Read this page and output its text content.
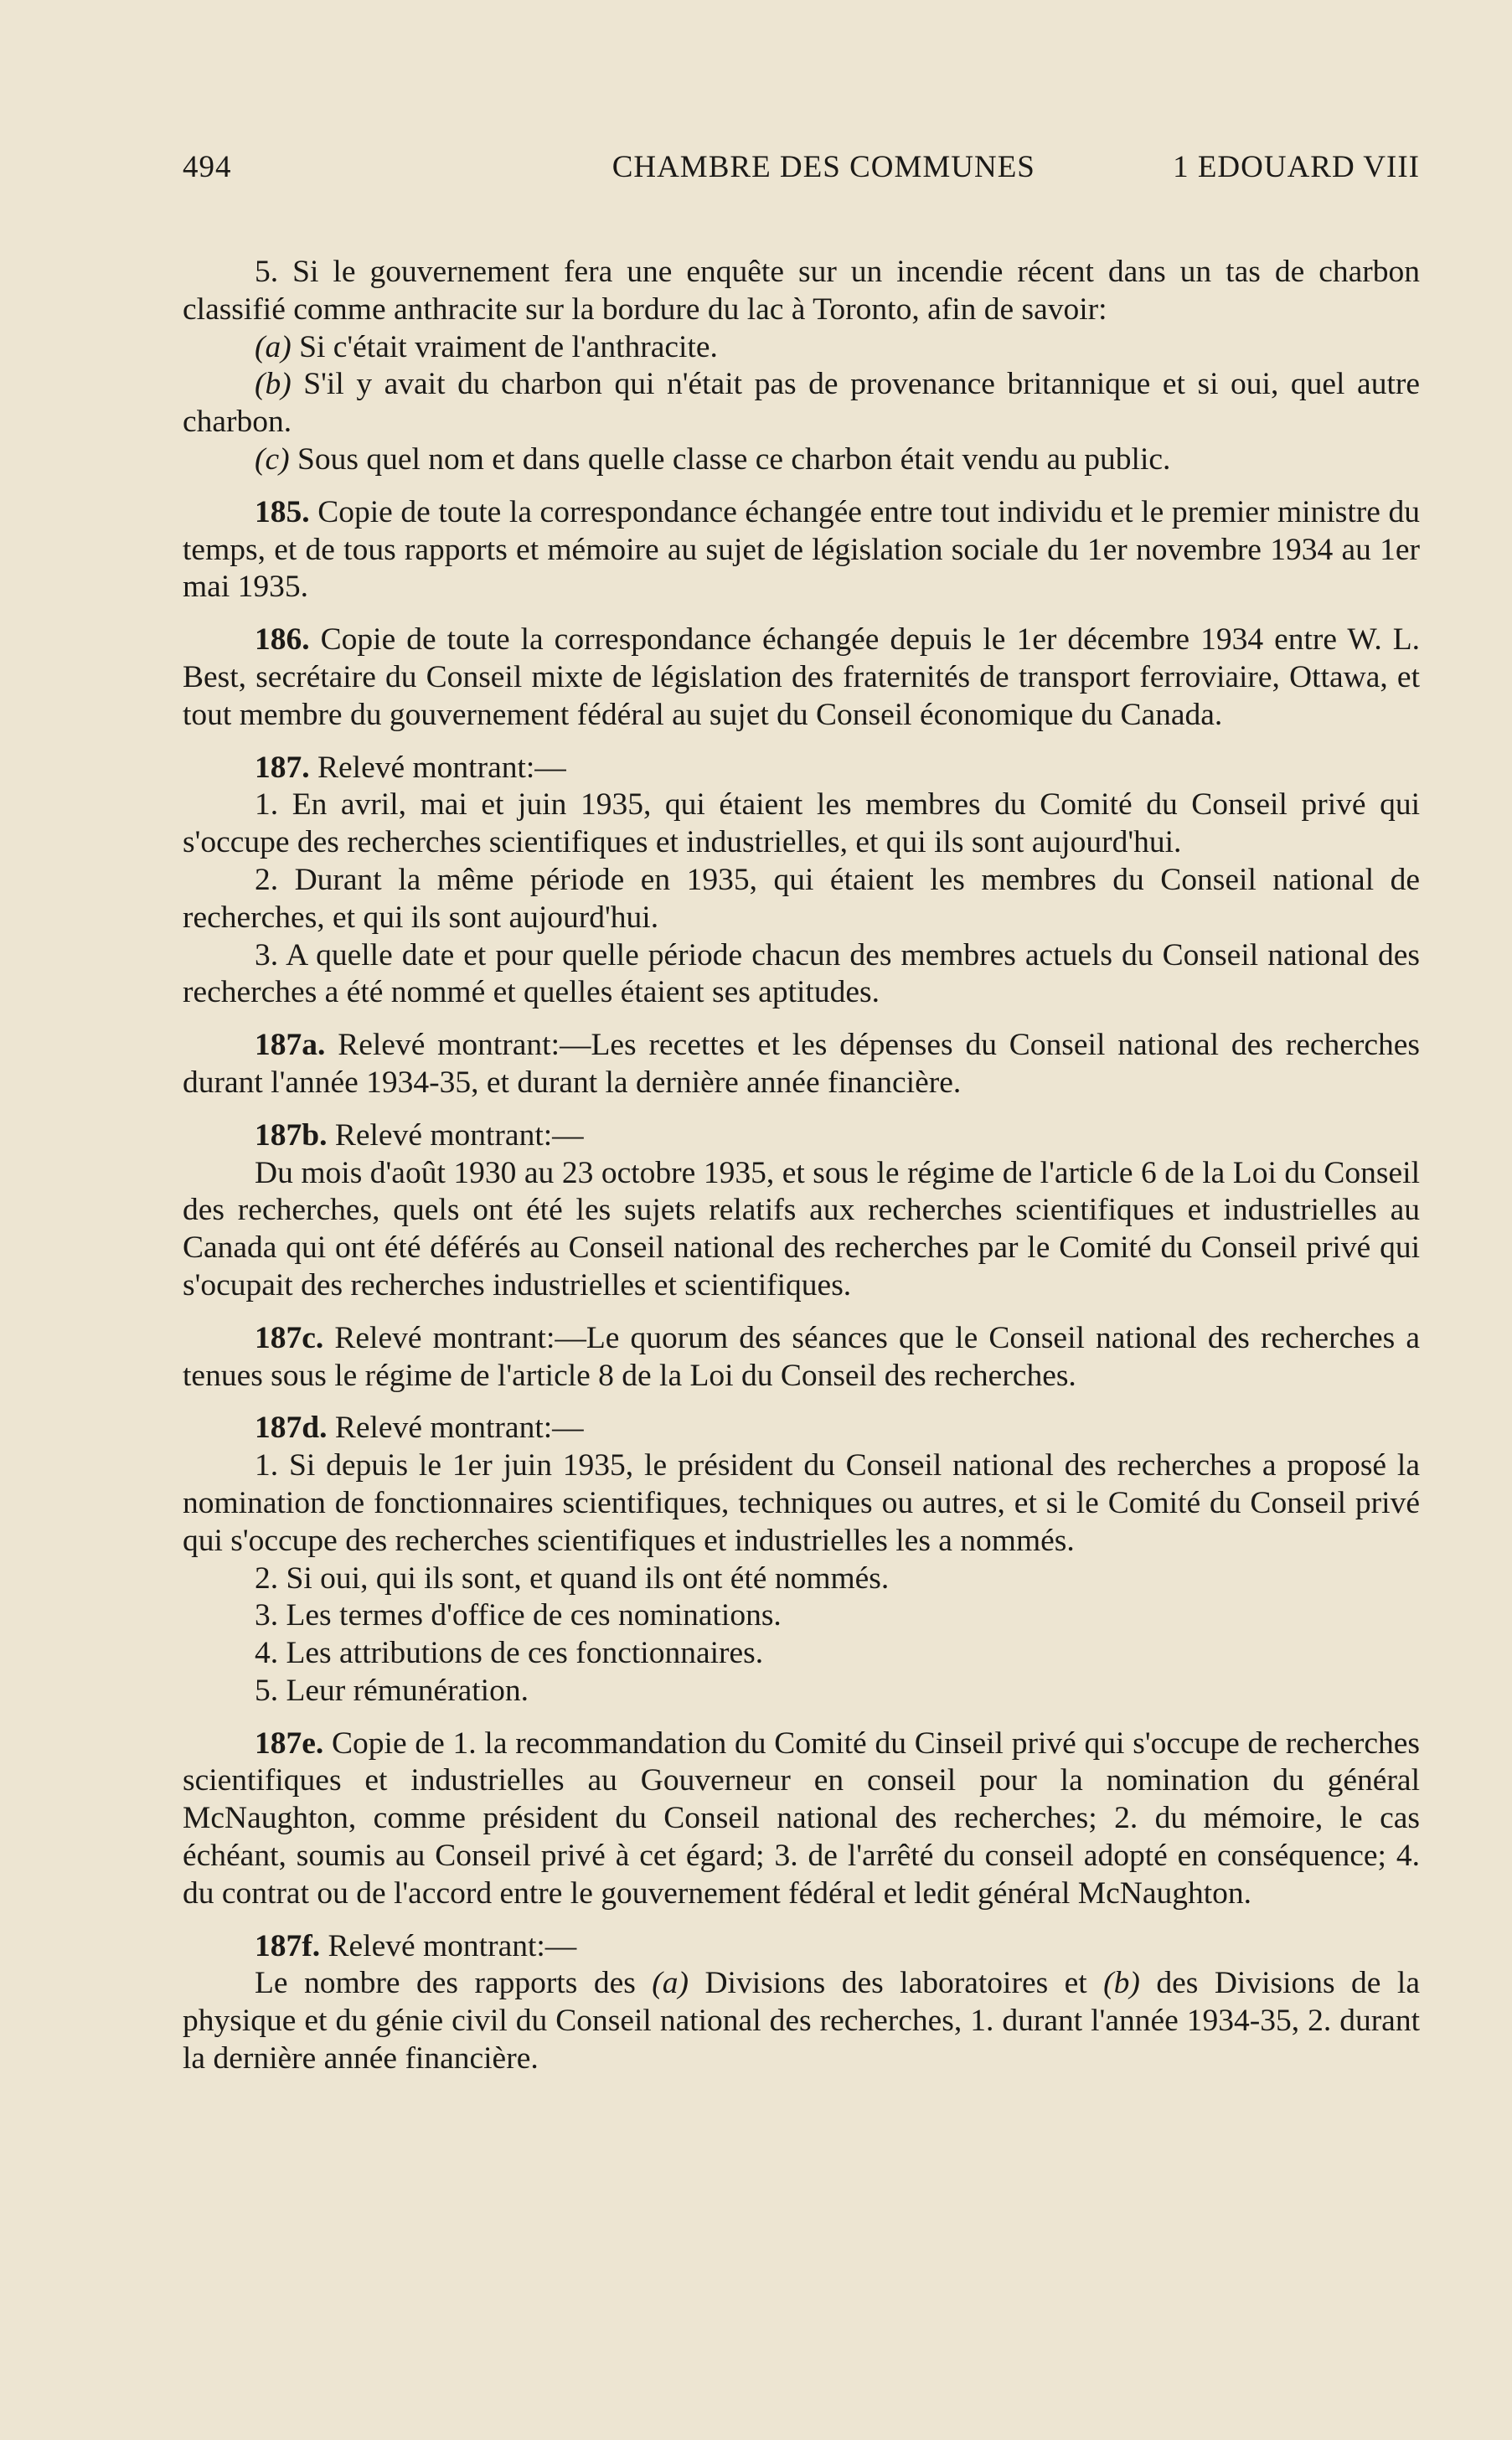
494	CHAMBRE DES COMMUNES	1 EDOUARD VIII

5. Si le gouvernement fera une enquête sur un incendie récent dans un tas de charbon classifié comme anthracite sur la bordure du lac à Toronto, afin de savoir:

(a) Si c'était vraiment de l'anthracite.

(b) S'il y avait du charbon qui n'était pas de provenance britannique et si oui, quel autre charbon.

(c) Sous quel nom et dans quelle classe ce charbon était vendu au public.

185. Copie de toute la correspondance échangée entre tout individu et le premier ministre du temps, et de tous rapports et mémoire au sujet de législation sociale du 1er novembre 1934 au 1er mai 1935.

186. Copie de toute la correspondance échangée depuis le 1er décembre 1934 entre W. L. Best, secrétaire du Conseil mixte de législation des fraternités de transport ferroviaire, Ottawa, et tout membre du gouvernement fédéral au sujet du Conseil économique du Canada.

187. Relevé montrant:—

1. En avril, mai et juin 1935, qui étaient les membres du Comité du Conseil privé qui s'occupe des recherches scientifiques et industrielles, et qui ils sont aujourd'hui.

2. Durant la même période en 1935, qui étaient les membres du Conseil national de recherches, et qui ils sont aujourd'hui.

3. A quelle date et pour quelle période chacun des membres actuels du Conseil national des recherches a été nommé et quelles étaient ses aptitudes.

187a. Relevé montrant:—Les recettes et les dépenses du Conseil national des recherches durant l'année 1934-35, et durant la dernière année financière.

187b. Relevé montrant:—

Du mois d'août 1930 au 23 octobre 1935, et sous le régime de l'article 6 de la Loi du Conseil des recherches, quels ont été les sujets relatifs aux recherches scientifiques et industrielles au Canada qui ont été déférés au Conseil national des recherches par le Comité du Conseil privé qui s'ocupait des recherches industrielles et scientifiques.

187c. Relevé montrant:—Le quorum des séances que le Conseil national des recherches a tenues sous le régime de l'article 8 de la Loi du Conseil des recherches.

187d. Relevé montrant:—

1. Si depuis le 1er juin 1935, le président du Conseil national des recherches a proposé la nomination de fonctionnaires scientifiques, techniques ou autres, et si le Comité du Conseil privé qui s'occupe des recherches scientifiques et industrielles les a nommés.

2. Si oui, qui ils sont, et quand ils ont été nommés.

3. Les termes d'office de ces nominations.

4. Les attributions de ces fonctionnaires.

5. Leur rémunération.

187e. Copie de 1. la recommandation du Comité du Cinseil privé qui s'occupe de recherches scientifiques et industrielles au Gouverneur en conseil pour la nomination du général McNaughton, comme président du Conseil national des recherches; 2. du mémoire, le cas échéant, soumis au Conseil privé à cet égard; 3. de l'arrêté du conseil adopté en conséquence; 4. du contrat ou de l'accord entre le gouvernement fédéral et ledit général McNaughton.

187f. Relevé montrant:—

Le nombre des rapports des (a) Divisions des laboratoires et (b) des Divisions de la physique et du génie civil du Conseil national des recherches, 1. durant l'année 1934-35, 2. durant la dernière année financière.
